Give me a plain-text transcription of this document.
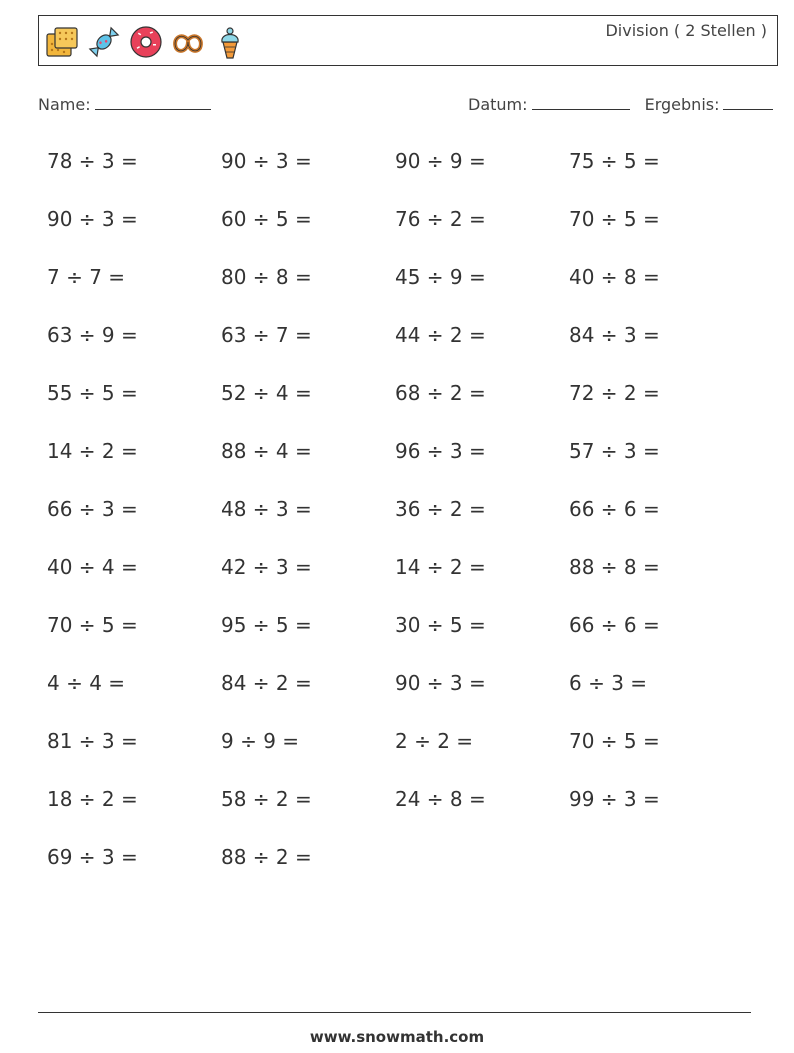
Division ( 2 Stellen )
Name:	Datum:	Ergebnis:
78 ÷ 3 =	90 ÷ 3 =	90 ÷ 9 =	75 ÷ 5 =
90 ÷ 3 =	60 ÷ 5 =	76 ÷ 2 =	70 ÷ 5 =
7 ÷ 7 =	80 ÷ 8 =	45 ÷ 9 =	40 ÷ 8 =
63 ÷ 9 =	63 ÷ 7 =	44 ÷ 2 =	84 ÷ 3 =
55 ÷ 5 =	52 ÷ 4 =	68 ÷ 2 =	72 ÷ 2 =
14 ÷ 2 =	88 ÷ 4 =	96 ÷ 3 =	57 ÷ 3 =
66 ÷ 3 =	48 ÷ 3 =	36 ÷ 2 =	66 ÷ 6 =
40 ÷ 4 =	42 ÷ 3 =	14 ÷ 2 =	88 ÷ 8 =
70 ÷ 5 =	95 ÷ 5 =	30 ÷ 5 =	66 ÷ 6 =
4 ÷ 4 =	84 ÷ 2 =	90 ÷ 3 =	6 ÷ 3 =
81 ÷ 3 =	9 ÷ 9 =	2 ÷ 2 =	70 ÷ 5 =
18 ÷ 2 =	58 ÷ 2 =	24 ÷ 8 =	99 ÷ 3 =
69 ÷ 3 =	88 ÷ 2 =
www.snowmath.com
